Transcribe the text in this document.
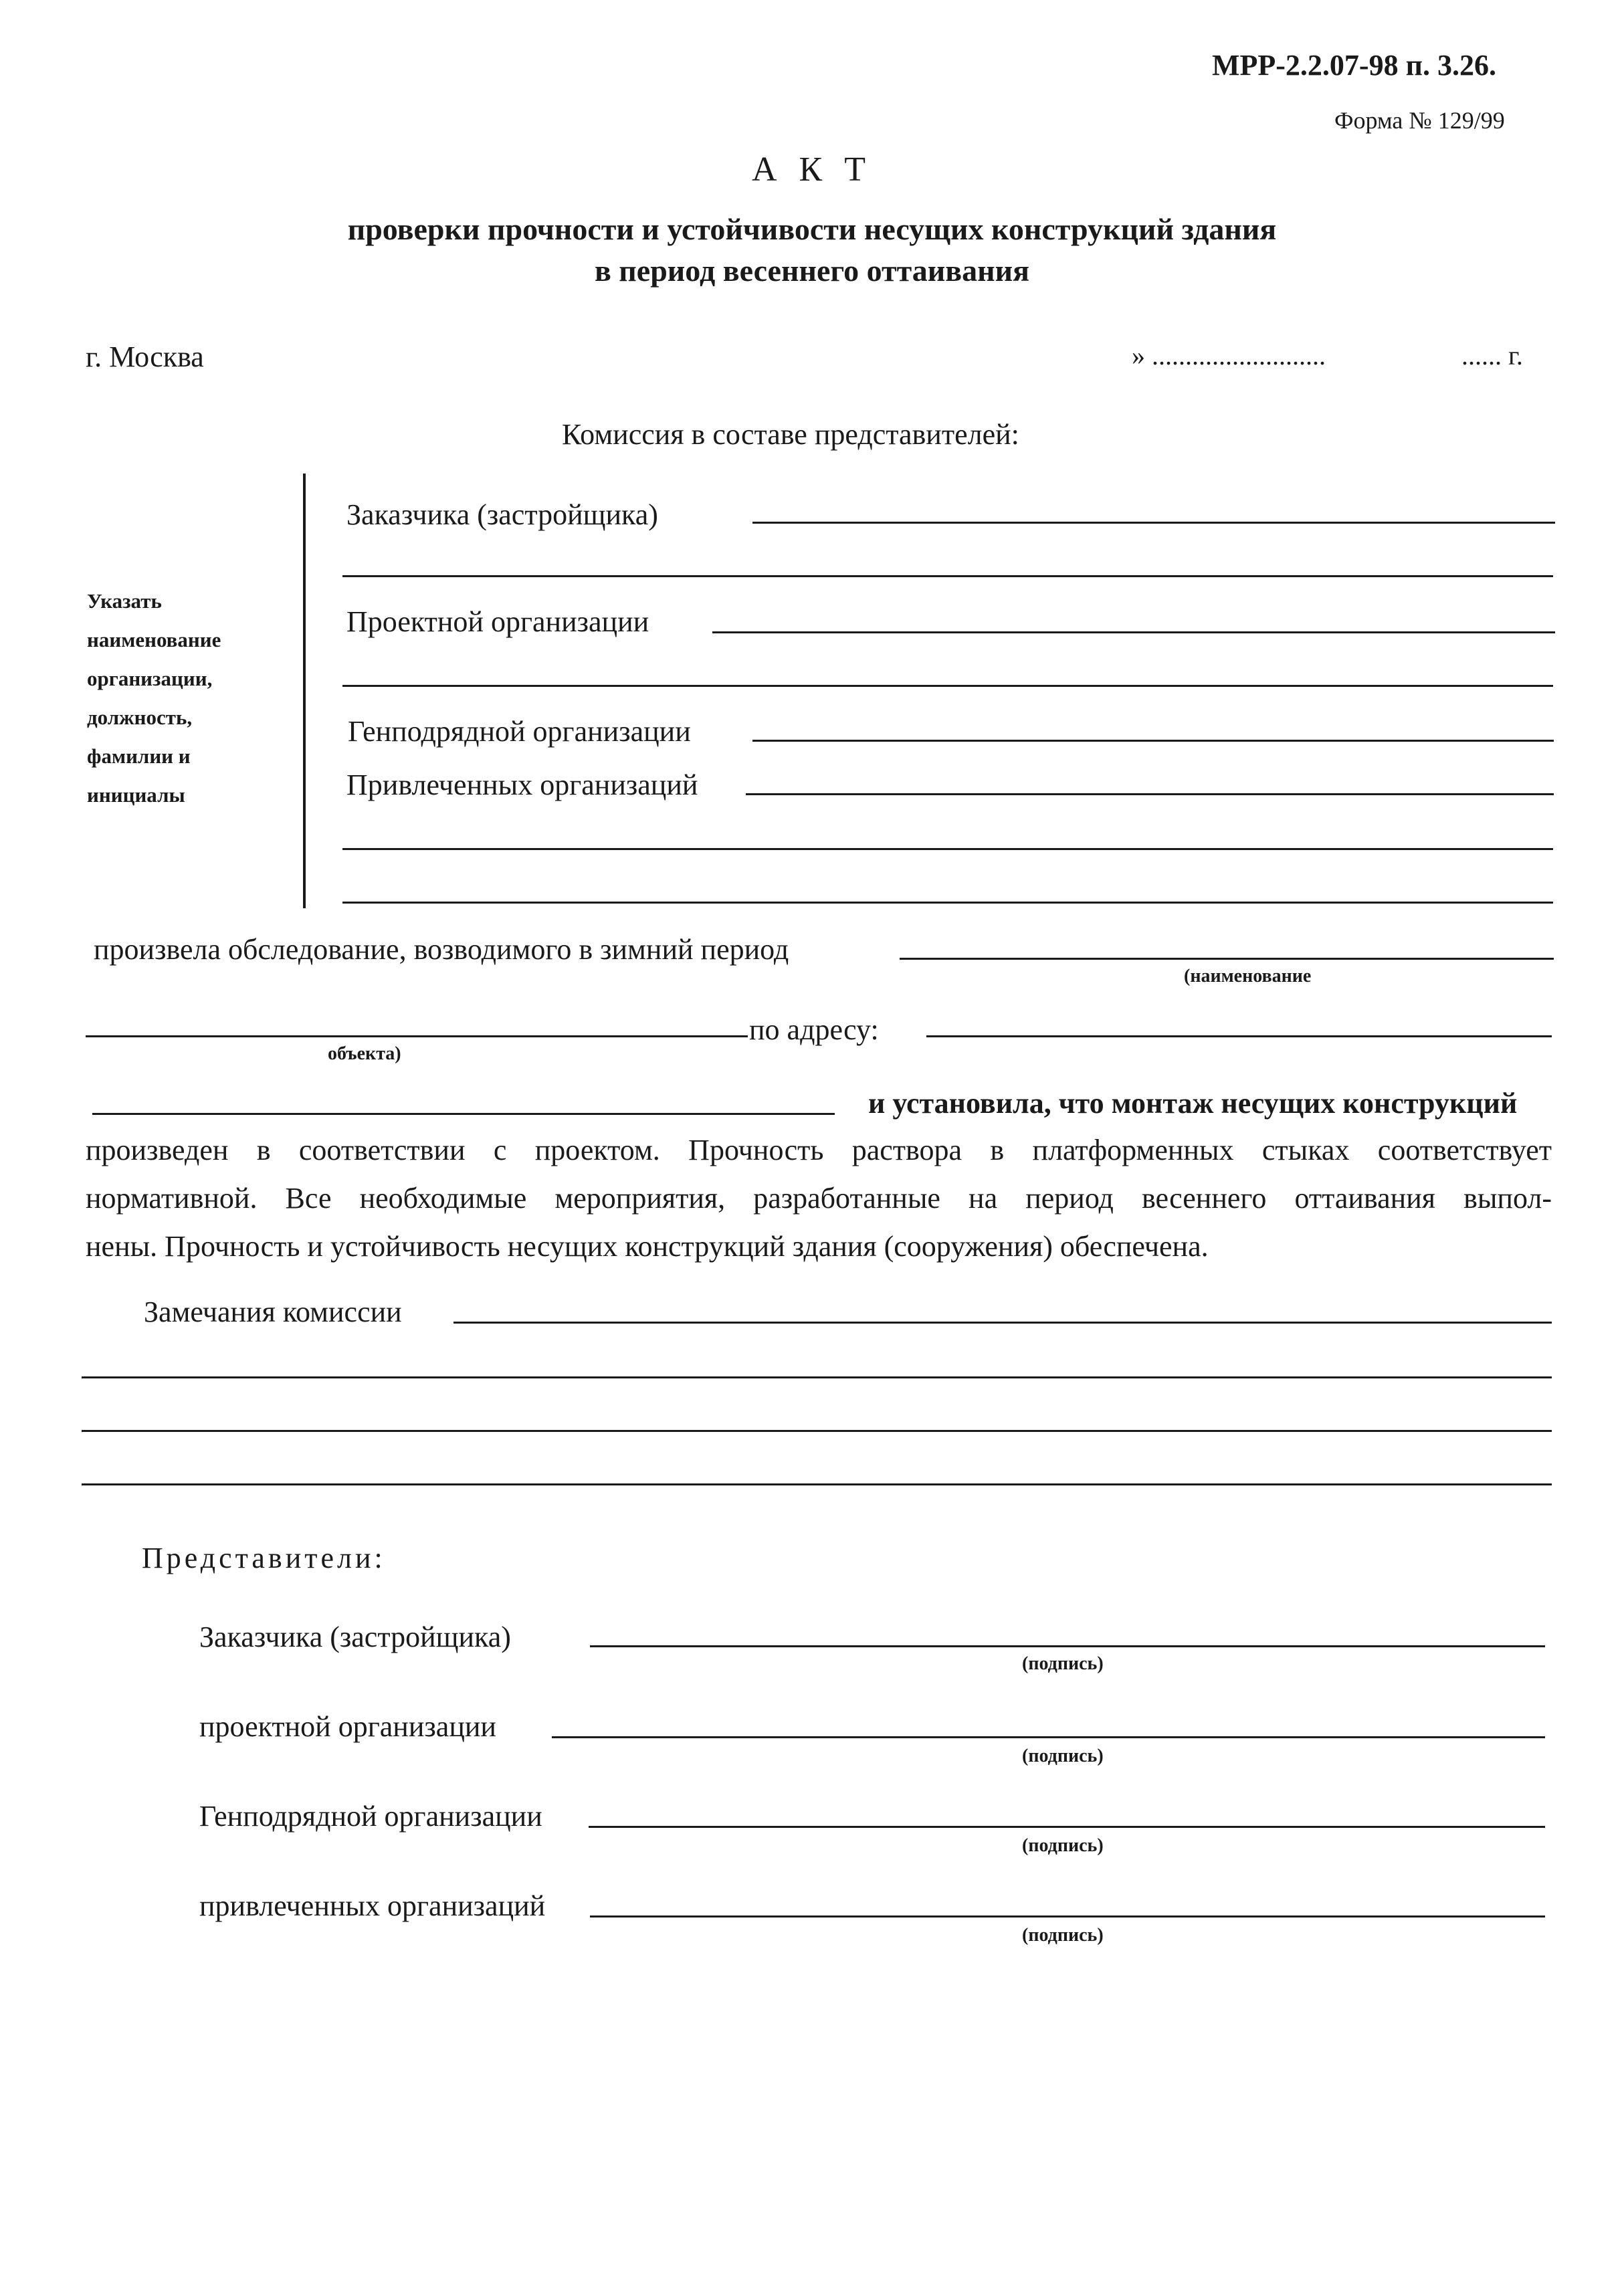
МРР-2.2.07-98 п. 3.26.
Форма № 129/99
А К Т
проверки прочности и устойчивости несущих конструкций здания
в период весеннего оттаивания
г. Москва	» ..........................	...... г.
Комиссия в составе представителей:
Указать наименование организации, должность, фамилии и инициалы
Заказчика (застройщика)
Проектной организации
Генподрядной организации
Привлеченных организаций
произвела обследование, возводимого в зимний период
(наименование
по адресу:
объекта)
и установила, что монтаж несущих конструкций
произведен в соответствии с проектом. Прочность раствора в платформенных стыках соответствует
нормативной. Все необходимые мероприятия, разработанные на период весеннего оттаивания выпол-
нены. Прочность и устойчивость несущих конструкций здания (сооружения) обеспечена.
Замечания комиссии
Представители:
Заказчика (застройщика)
(подпись)
проектной организации
(подпись)
Генподрядной организации
(подпись)
привлеченных организаций
(подпись)
